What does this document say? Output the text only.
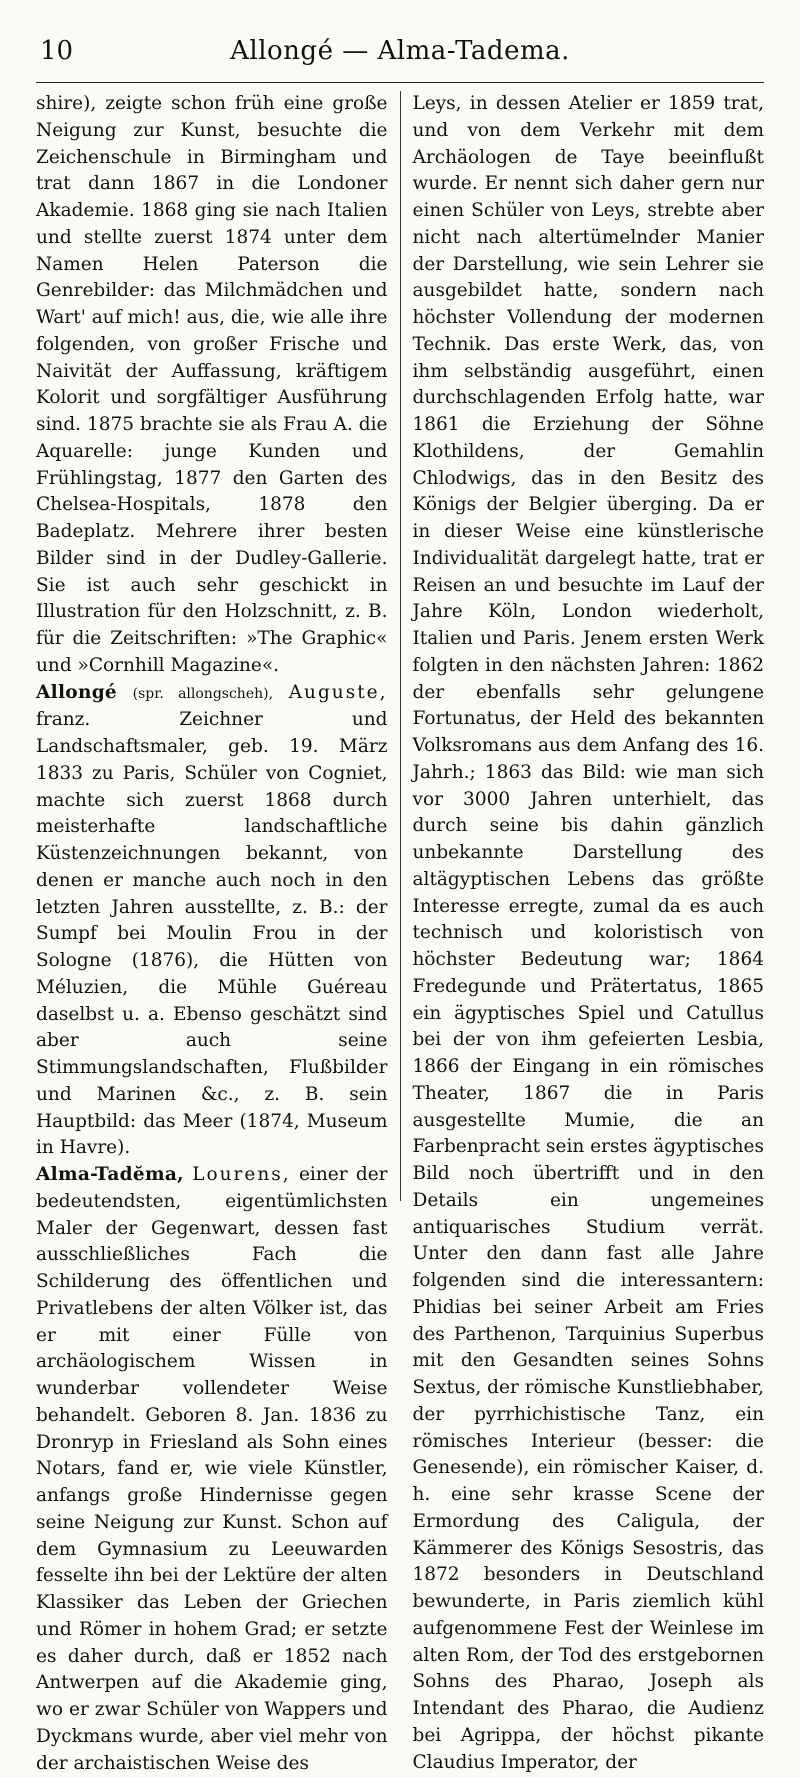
10	Allongé — Alma-Tadema.

shire), zeigte schon früh eine große Neigung zur Kunst, besuchte die Zeichenschule in Birmingham und trat dann 1867 in die Londoner Akademie. 1868 ging sie nach Italien und stellte zuerst 1874 unter dem Namen Helen Paterson die Genrebilder: das Milchmädchen und Wart' auf mich! aus, die, wie alle ihre folgenden, von großer Frische und Naivität der Auffassung, kräftigem Kolorit und sorgfältiger Ausführung sind. 1875 brachte sie als Frau A. die Aquarelle: junge Kunden und Frühlingstag, 1877 den Garten des Chelsea-Hospitals, 1878 den Badeplatz. Mehrere ihrer besten Bilder sind in der Dudley-Gallerie. Sie ist auch sehr geschickt in Illustration für den Holzschnitt, z. B. für die Zeitschriften: »The Graphic« und »Cornhill Magazine«.

Allongé (spr. allongscheh), Auguste, franz. Zeichner und Landschaftsmaler, geb. 19. März 1833 zu Paris, Schüler von Cogniet, machte sich zuerst 1868 durch meisterhafte landschaftliche Küstenzeichnungen bekannt, von denen er manche auch noch in den letzten Jahren ausstellte, z. B.: der Sumpf bei Moulin Frou in der Sologne (1876), die Hütten von Méluzien, die Mühle Guéreau daselbst u. a. Ebenso geschätzt sind aber auch seine Stimmungslandschaften, Flußbilder und Marinen &c., z. B. sein Hauptbild: das Meer (1874, Museum in Havre).

Alma-Tadĕma, Lourens, einer der bedeutendsten, eigentümlichsten Maler der Gegenwart, dessen fast ausschließliches Fach die Schilderung des öffentlichen und Privatlebens der alten Völker ist, das er mit einer Fülle von archäologischem Wissen in wunderbar vollendeter Weise behandelt. Geboren 8. Jan. 1836 zu Dronryp in Friesland als Sohn eines Notars, fand er, wie viele Künstler, anfangs große Hindernisse gegen seine Neigung zur Kunst. Schon auf dem Gymnasium zu Leeuwarden fesselte ihn bei der Lektüre der alten Klassiker das Leben der Griechen und Römer in hohem Grad; er setzte es daher durch, daß er 1852 nach Antwerpen auf die Akademie ging, wo er zwar Schüler von Wappers und Dyckmans wurde, aber viel mehr von der archaistischen Weise des

Leys, in dessen Atelier er 1859 trat, und von dem Verkehr mit dem Archäologen de Taye beeinflußt wurde. Er nennt sich daher gern nur einen Schüler von Leys, strebte aber nicht nach altertümelnder Manier der Darstellung, wie sein Lehrer sie ausgebildet hatte, sondern nach höchster Vollendung der modernen Technik. Das erste Werk, das, von ihm selbständig ausgeführt, einen durchschlagenden Erfolg hatte, war 1861 die Erziehung der Söhne Klothildens, der Gemahlin Chlodwigs, das in den Besitz des Königs der Belgier überging. Da er in dieser Weise eine künstlerische Individualität dargelegt hatte, trat er Reisen an und besuchte im Lauf der Jahre Köln, London wiederholt, Italien und Paris. Jenem ersten Werk folgten in den nächsten Jahren: 1862 der ebenfalls sehr gelungene Fortunatus, der Held des bekannten Volksromans aus dem Anfang des 16. Jahrh.; 1863 das Bild: wie man sich vor 3000 Jahren unterhielt, das durch seine bis dahin gänzlich unbekannte Darstellung des altägyptischen Lebens das größte Interesse erregte, zumal da es auch technisch und koloristisch von höchster Bedeutung war; 1864 Fredegunde und Prätertatus, 1865 ein ägyptisches Spiel und Catullus bei der von ihm gefeierten Lesbia, 1866 der Eingang in ein römisches Theater, 1867 die in Paris ausgestellte Mumie, die an Farbenpracht sein erstes ägyptisches Bild noch übertrifft und in den Details ein ungemeines antiquarisches Studium verrät. Unter den dann fast alle Jahre folgenden sind die interessantern: Phidias bei seiner Arbeit am Fries des Parthenon, Tarquinius Superbus mit den Gesandten seines Sohns Sextus, der römische Kunstliebhaber, der pyrrhichistische Tanz, ein römisches Interieur (besser: die Genesende), ein römischer Kaiser, d. h. eine sehr krasse Scene der Ermordung des Caligula, der Kämmerer des Königs Sesostris, das 1872 besonders in Deutschland bewunderte, in Paris ziemlich kühl aufgenommene Fest der Weinlese im alten Rom, der Tod des erstgebornen Sohns des Pharao, Joseph als Intendant des Pharao, die Audienz bei Agrippa, der höchst pikante Claudius Imperator, der
